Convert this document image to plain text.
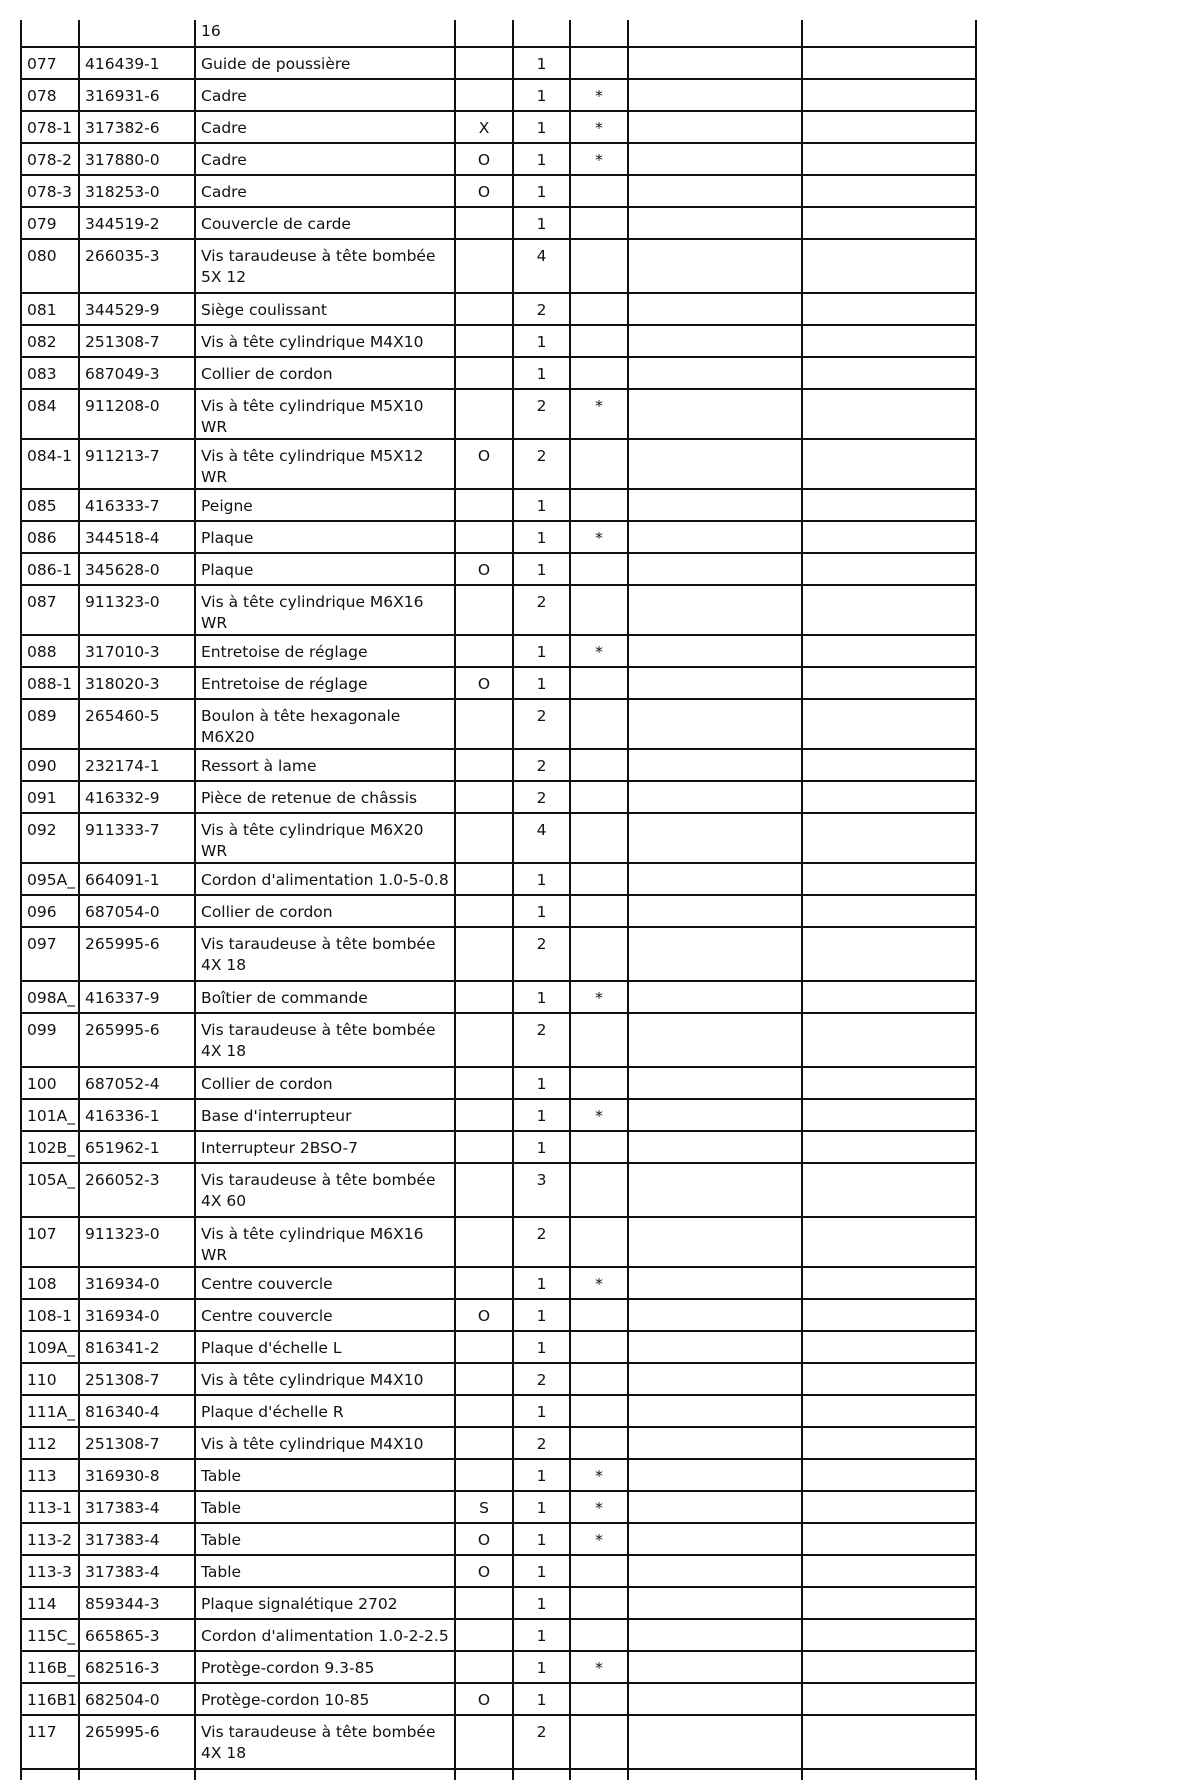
		16					
077	416439-1	Guide de poussière		1			
078	316931-6	Cadre		1	*		
078-1	317382-6	Cadre	X	1	*		
078-2	317880-0	Cadre	O	1	*		
078-3	318253-0	Cadre	O	1			
079	344519-2	Couvercle de carde		1			
080	266035-3	Vis taraudeuse à tête bombée 5X 12		4			
081	344529-9	Siège coulissant		2			
082	251308-7	Vis à tête cylindrique M4X10		1			
083	687049-3	Collier de cordon		1			
084	911208-0	Vis à tête cylindrique M5X10 WR		2	*		
084-1	911213-7	Vis à tête cylindrique M5X12 WR	O	2			
085	416333-7	Peigne		1			
086	344518-4	Plaque		1	*		
086-1	345628-0	Plaque	O	1			
087	911323-0	Vis à tête cylindrique M6X16 WR		2			
088	317010-3	Entretoise de réglage		1	*		
088-1	318020-3	Entretoise de réglage	O	1			
089	265460-5	Boulon à tête hexagonale M6X20		2			
090	232174-1	Ressort à lame		2			
091	416332-9	Pièce de retenue de châssis		2			
092	911333-7	Vis à tête cylindrique M6X20 WR		4			
095A_	664091-1	Cordon d'alimentation 1.0-5-0.8		1			
096	687054-0	Collier de cordon		1			
097	265995-6	Vis taraudeuse à tête bombée 4X 18		2			
098A_	416337-9	Boîtier de commande		1	*		
099	265995-6	Vis taraudeuse à tête bombée 4X 18		2			
100	687052-4	Collier de cordon		1			
101A_	416336-1	Base d'interrupteur		1	*		
102B_	651962-1	Interrupteur 2BSO-7		1			
105A_	266052-3	Vis taraudeuse à tête bombée 4X 60		3			
107	911323-0	Vis à tête cylindrique M6X16 WR		2			
108	316934-0	Centre couvercle		1	*		
108-1	316934-0	Centre couvercle	O	1			
109A_	816341-2	Plaque d'échelle L		1			
110	251308-7	Vis à tête cylindrique M4X10		2			
111A_	816340-4	Plaque d'échelle R		1			
112	251308-7	Vis à tête cylindrique M4X10		2			
113	316930-8	Table		1	*		
113-1	317383-4	Table	S	1	*		
113-2	317383-4	Table	O	1	*		
113-3	317383-4	Table	O	1			
114	859344-3	Plaque signalétique 2702		1			
115C_	665865-3	Cordon d'alimentation 1.0-2-2.5		1			
116B_	682516-3	Protège-cordon 9.3-85		1	*		
116B1	682504-0	Protège-cordon 10-85	O	1			
117	265995-6	Vis taraudeuse à tête bombée 4X 18		2			
